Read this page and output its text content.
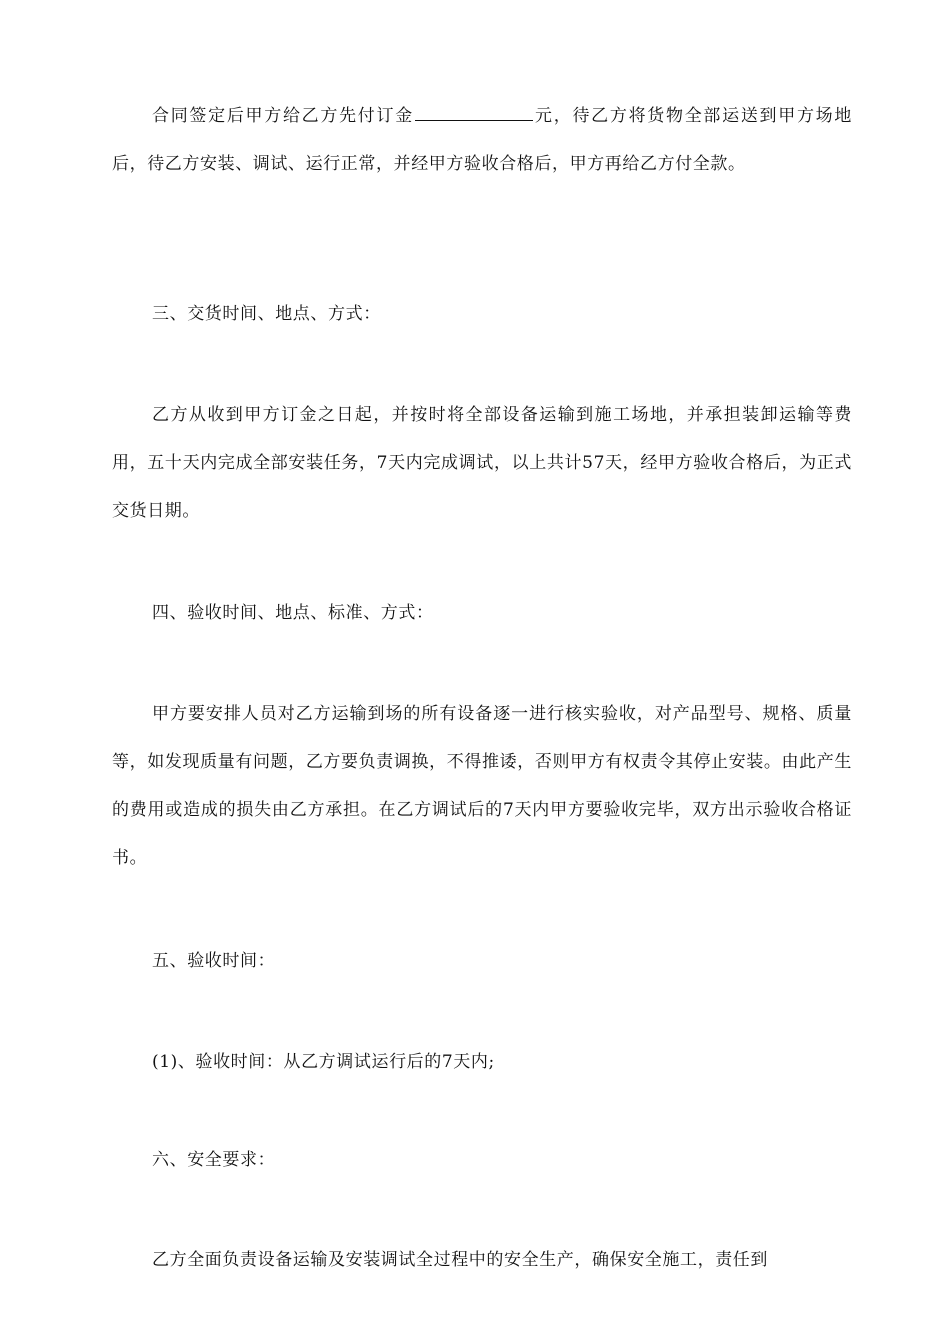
合同签定后甲方给乙方先付订金	元，待乙方将货物全部运送到甲方场地后，待乙方安装、调试、运行正常，并经甲方验收合格后，甲方再给乙方付全款。

三、交货时间、地点、方式：

乙方从收到甲方订金之日起，并按时将全部设备运输到施工场地，并承担装卸运输等费用，五十天内完成全部安装任务，7天内完成调试，以上共计57天，经甲方验收合格后，为正式交货日期。

四、验收时间、地点、标准、方式：

甲方要安排人员对乙方运输到场的所有设备逐一进行核实验收，对产品型号、规格、质量等，如发现质量有问题，乙方要负责调换，不得推诿，否则甲方有权责令其停止安装。由此产生的费用或造成的损失由乙方承担。在乙方调试后的7天内甲方要验收完毕，双方出示验收合格证书。

五、验收时间：

(1)、验收时间：从乙方调试运行后的7天内;

六、安全要求：

乙方全面负责设备运输及安装调试全过程中的安全生产，确保安全施工，责任到
